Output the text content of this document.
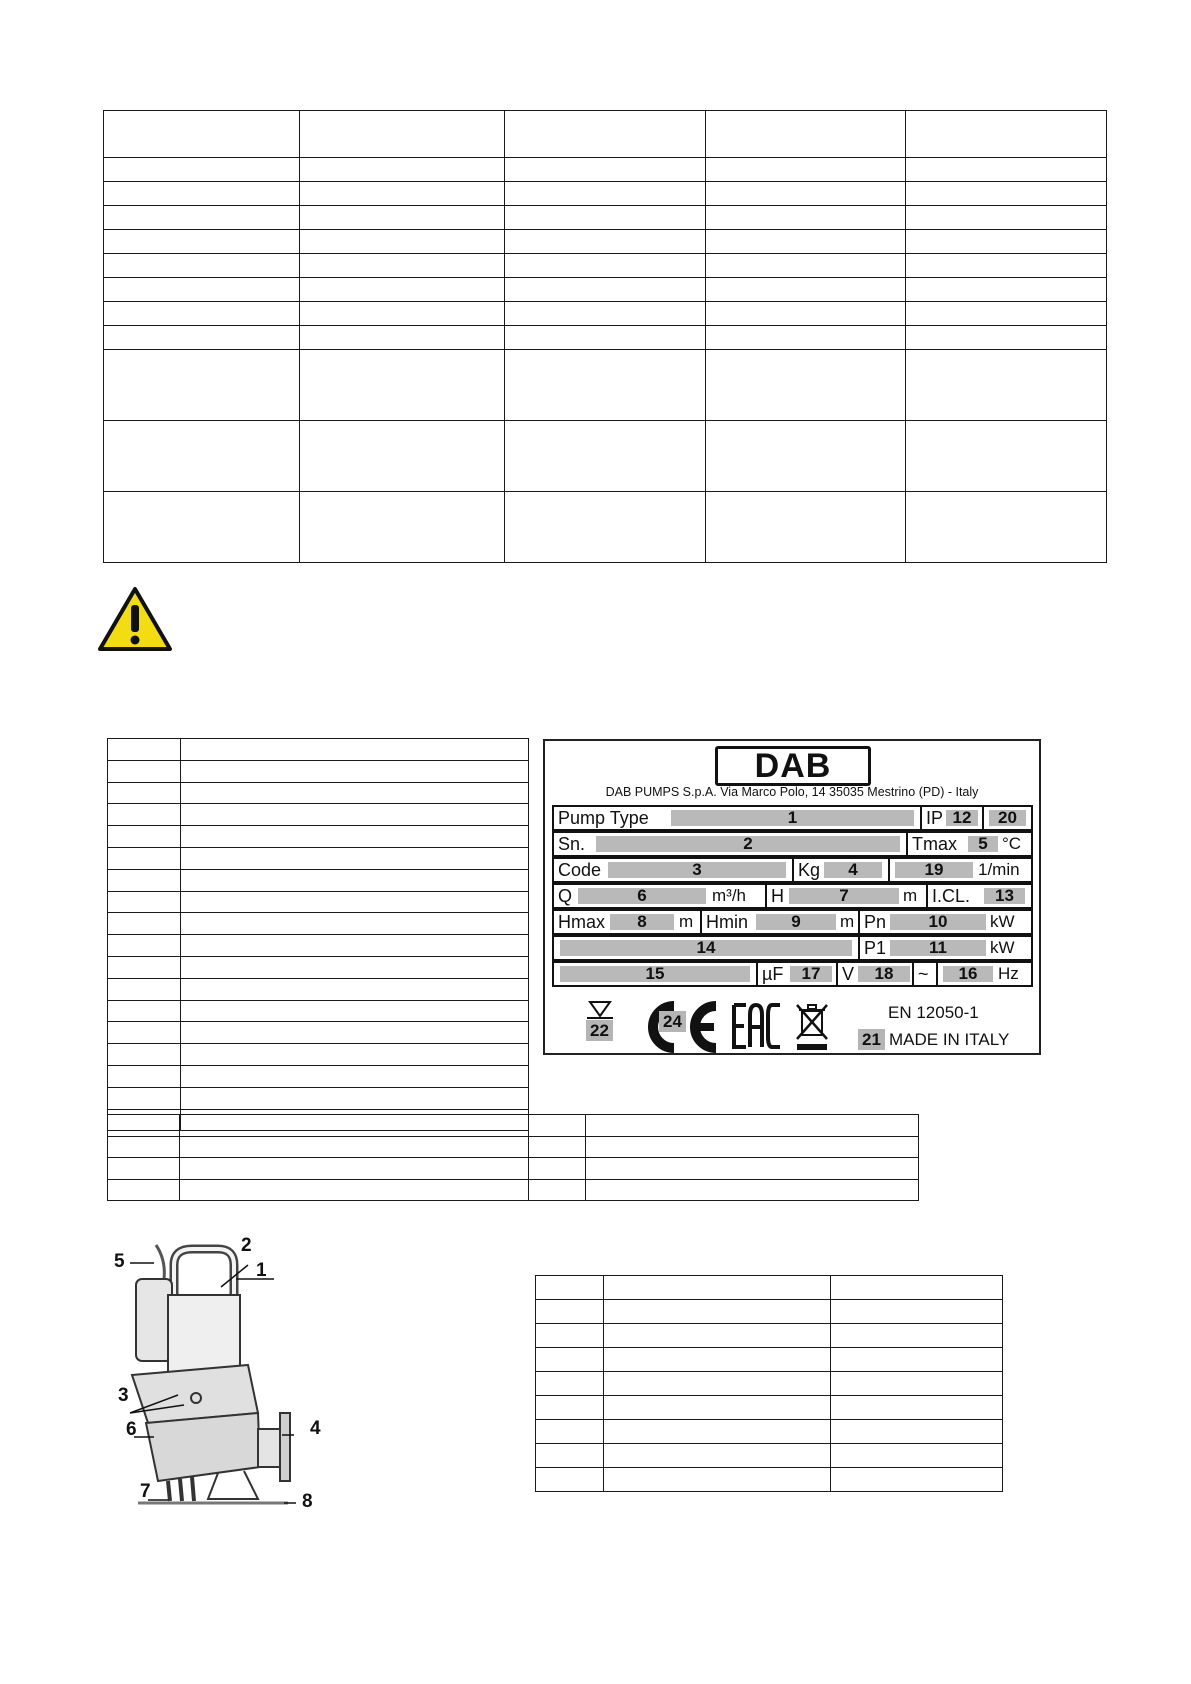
DAB
DAB PUMPS S.p.A. Via Marco Polo, 14 35035 Mestrino (PD) - Italy
Pump Type	1	IP 12	20
Sn.	2	Tmax	5 °C
Code	3	Kg	4	19	1/min
Q	6	m³/h H	7	m I.CL.	13
Hmax	8	m Hmin	9	m Pn	10	kW
14	P1	11	kW
15	µF	17	V	18	~	16	Hz
22	24	EN 12050-1
21 MADE IN ITALY
1
2
3
4
5
6
7	8
